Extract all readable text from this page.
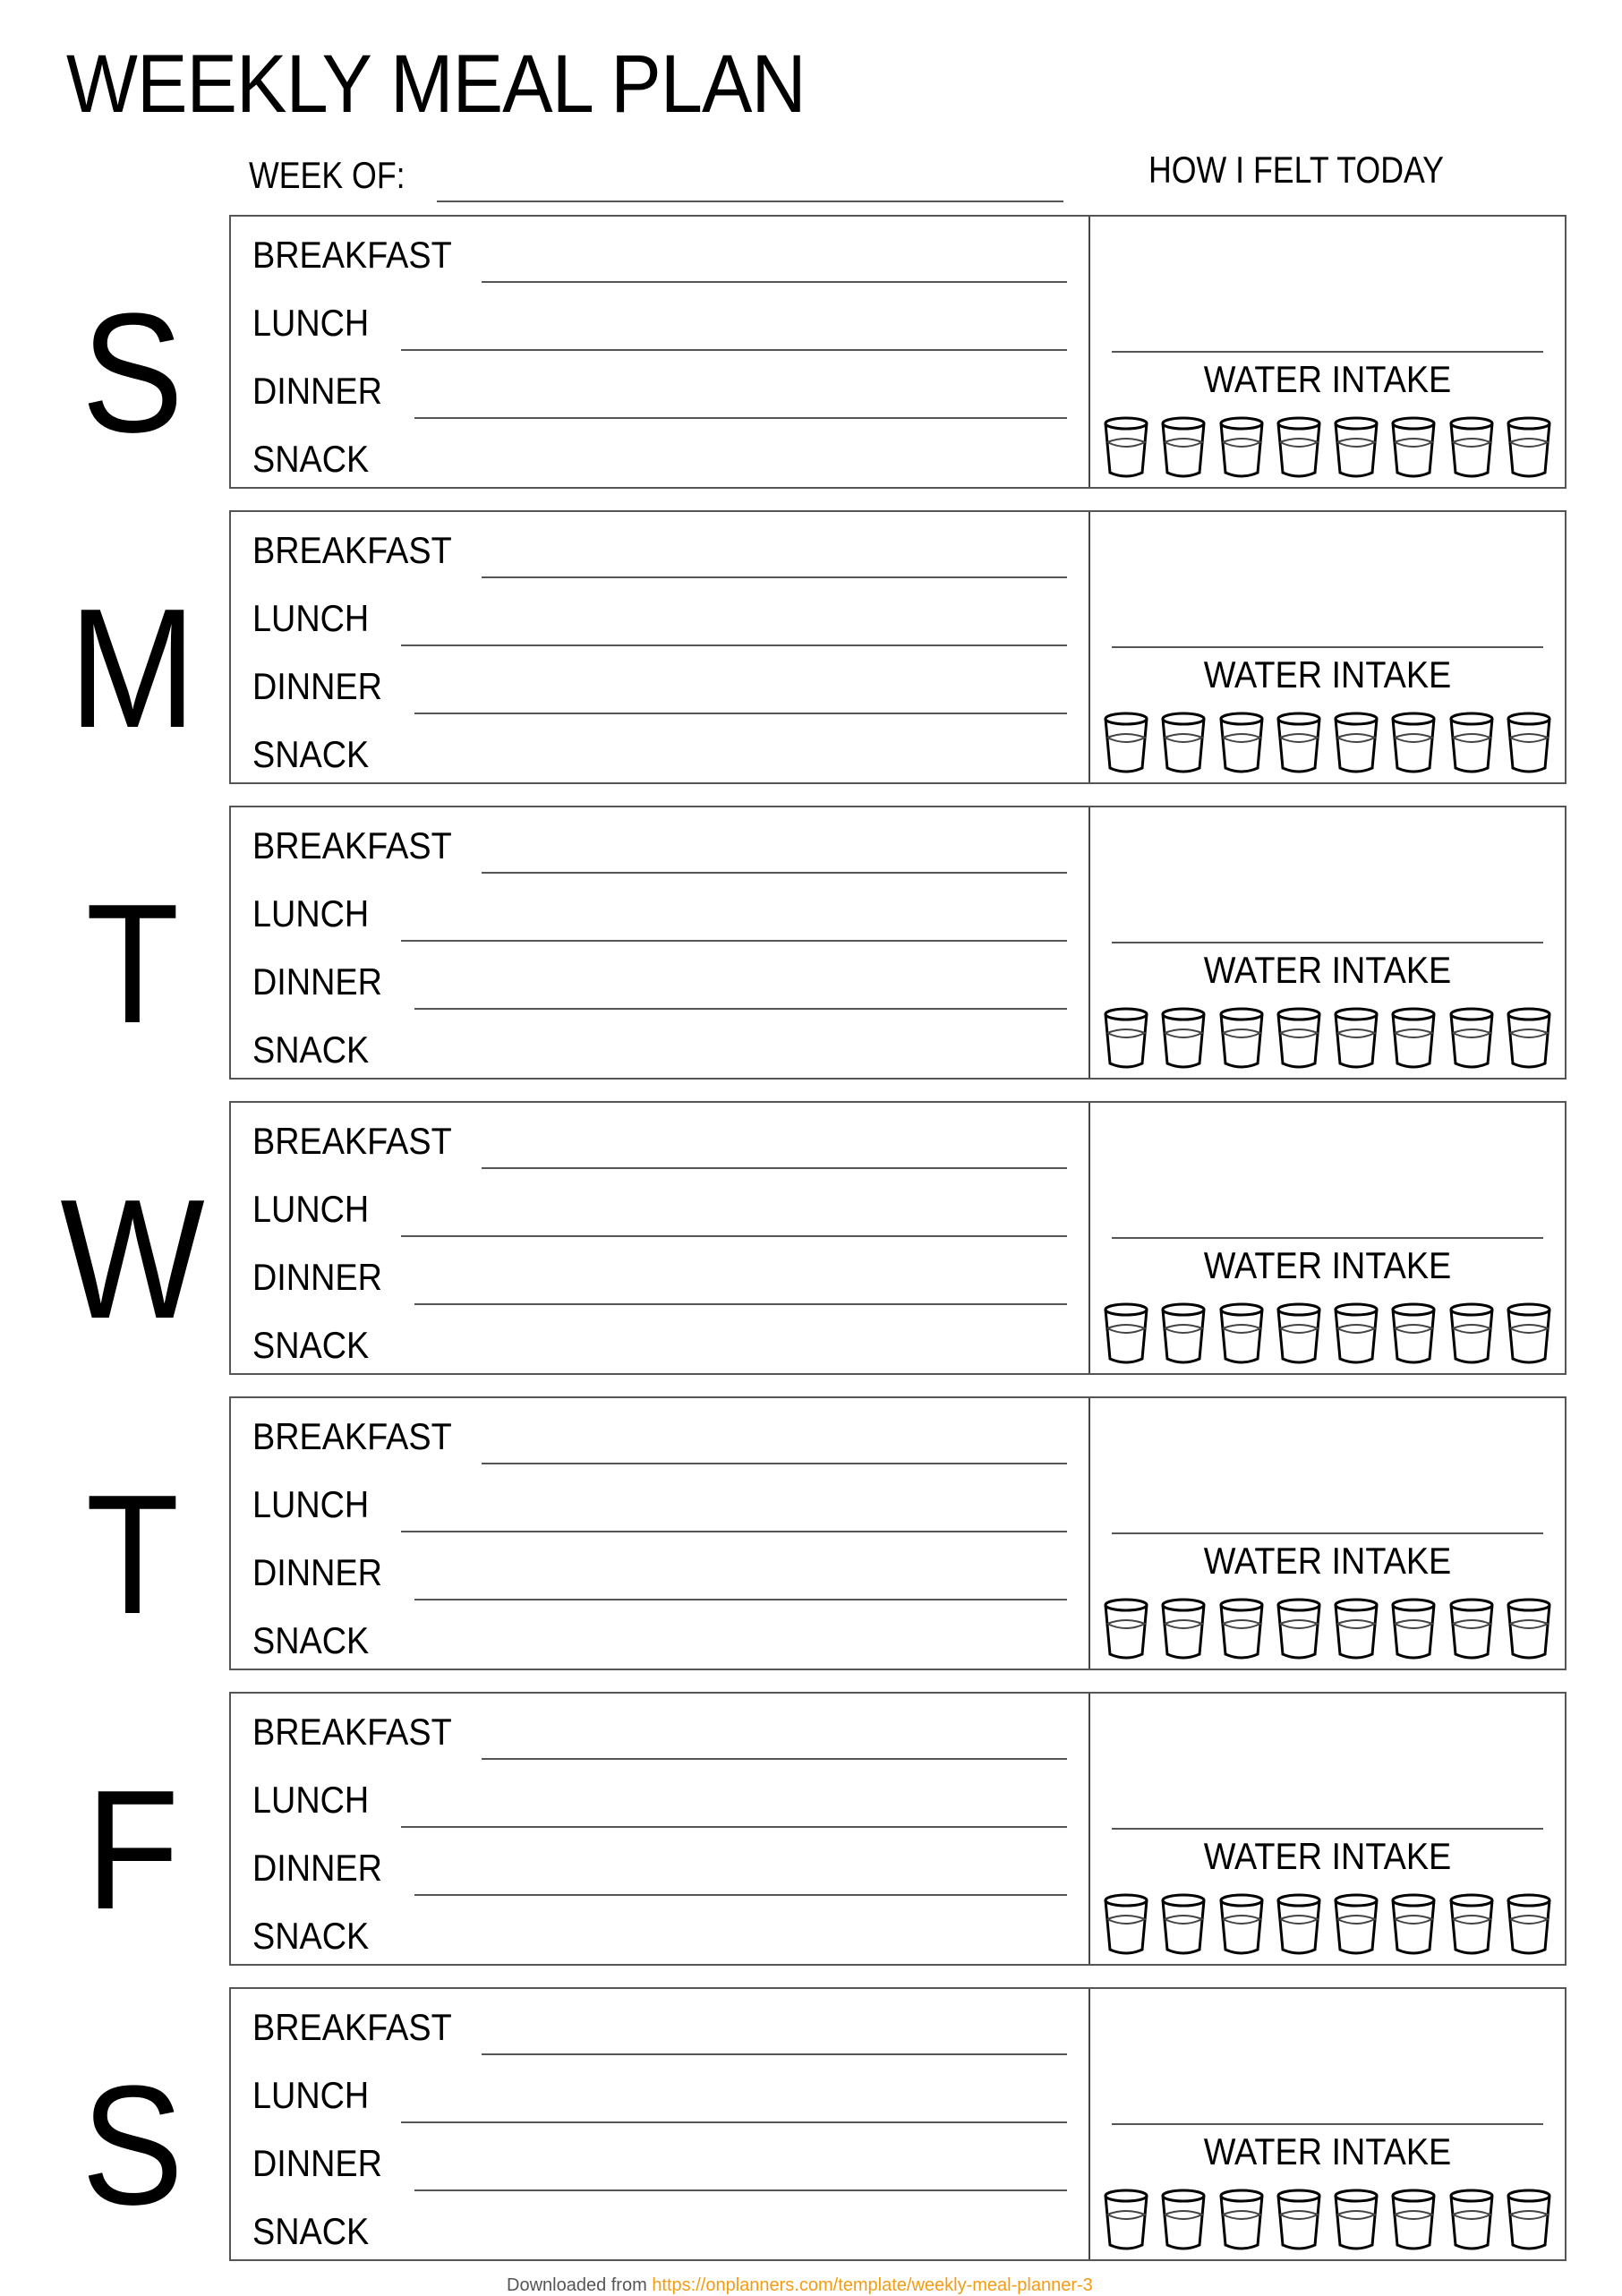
WEEKLY MEAL PLAN
WEEK OF:	HOW I FELT TODAY
S
BREAKFAST
LUNCH
DINNER
SNACK
WATER INTAKE
M
BREAKFAST
LUNCH
DINNER
SNACK
WATER INTAKE
T
BREAKFAST
LUNCH
DINNER
SNACK
WATER INTAKE
W
BREAKFAST
LUNCH
DINNER
SNACK
WATER INTAKE
T
BREAKFAST
LUNCH
DINNER
SNACK
WATER INTAKE
F
BREAKFAST
LUNCH
DINNER
SNACK
WATER INTAKE
S
BREAKFAST
LUNCH
DINNER
SNACK
WATER INTAKE
Downloaded from https://onplanners.com/template/weekly-meal-planner-3
